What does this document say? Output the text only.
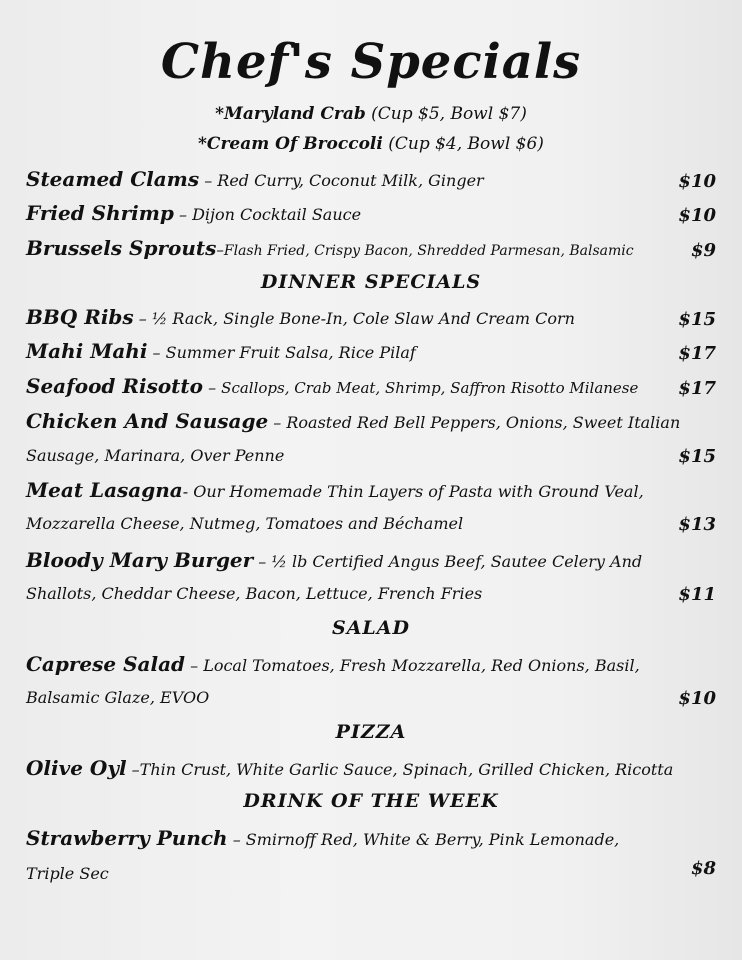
Chef's Specials
*Maryland Crab (Cup $5, Bowl $7)
*Cream Of Broccoli (Cup $4, Bowl $6)
Steamed Clams – Red Curry, Coconut Milk, Ginger	$10
Fried Shrimp – Dijon Cocktail Sauce	$10
Brussels Sprouts–Flash Fried, Crispy Bacon, Shredded Parmesan, Balsamic	$9
DINNER SPECIALS
BBQ Ribs – ½ Rack, Single Bone-In, Cole Slaw And Cream Corn	$15
Mahi Mahi – Summer Fruit Salsa, Rice Pilaf	$17
Seafood Risotto – Scallops, Crab Meat, Shrimp, Saffron Risotto Milanese	$17
Chicken And Sausage – Roasted Red Bell Peppers, Onions, Sweet Italian
Sausage, Marinara, Over Penne	$15
Meat Lasagna- Our Homemade Thin Layers of Pasta with Ground Veal,
Mozzarella Cheese, Nutmeg, Tomatoes and Béchamel	$13
Bloody Mary Burger – ½ lb Certified Angus Beef, Sautee Celery And
Shallots, Cheddar Cheese, Bacon, Lettuce, French Fries	$11
SALAD
Caprese Salad – Local Tomatoes, Fresh Mozzarella, Red Onions, Basil,
Balsamic Glaze, EVOO	$10
PIZZA
Olive Oyl –Thin Crust, White Garlic Sauce, Spinach, Grilled Chicken, Ricotta
DRINK OF THE WEEK
Strawberry Punch – Smirnoff Red, White & Berry, Pink Lemonade,
Triple Sec	$8
